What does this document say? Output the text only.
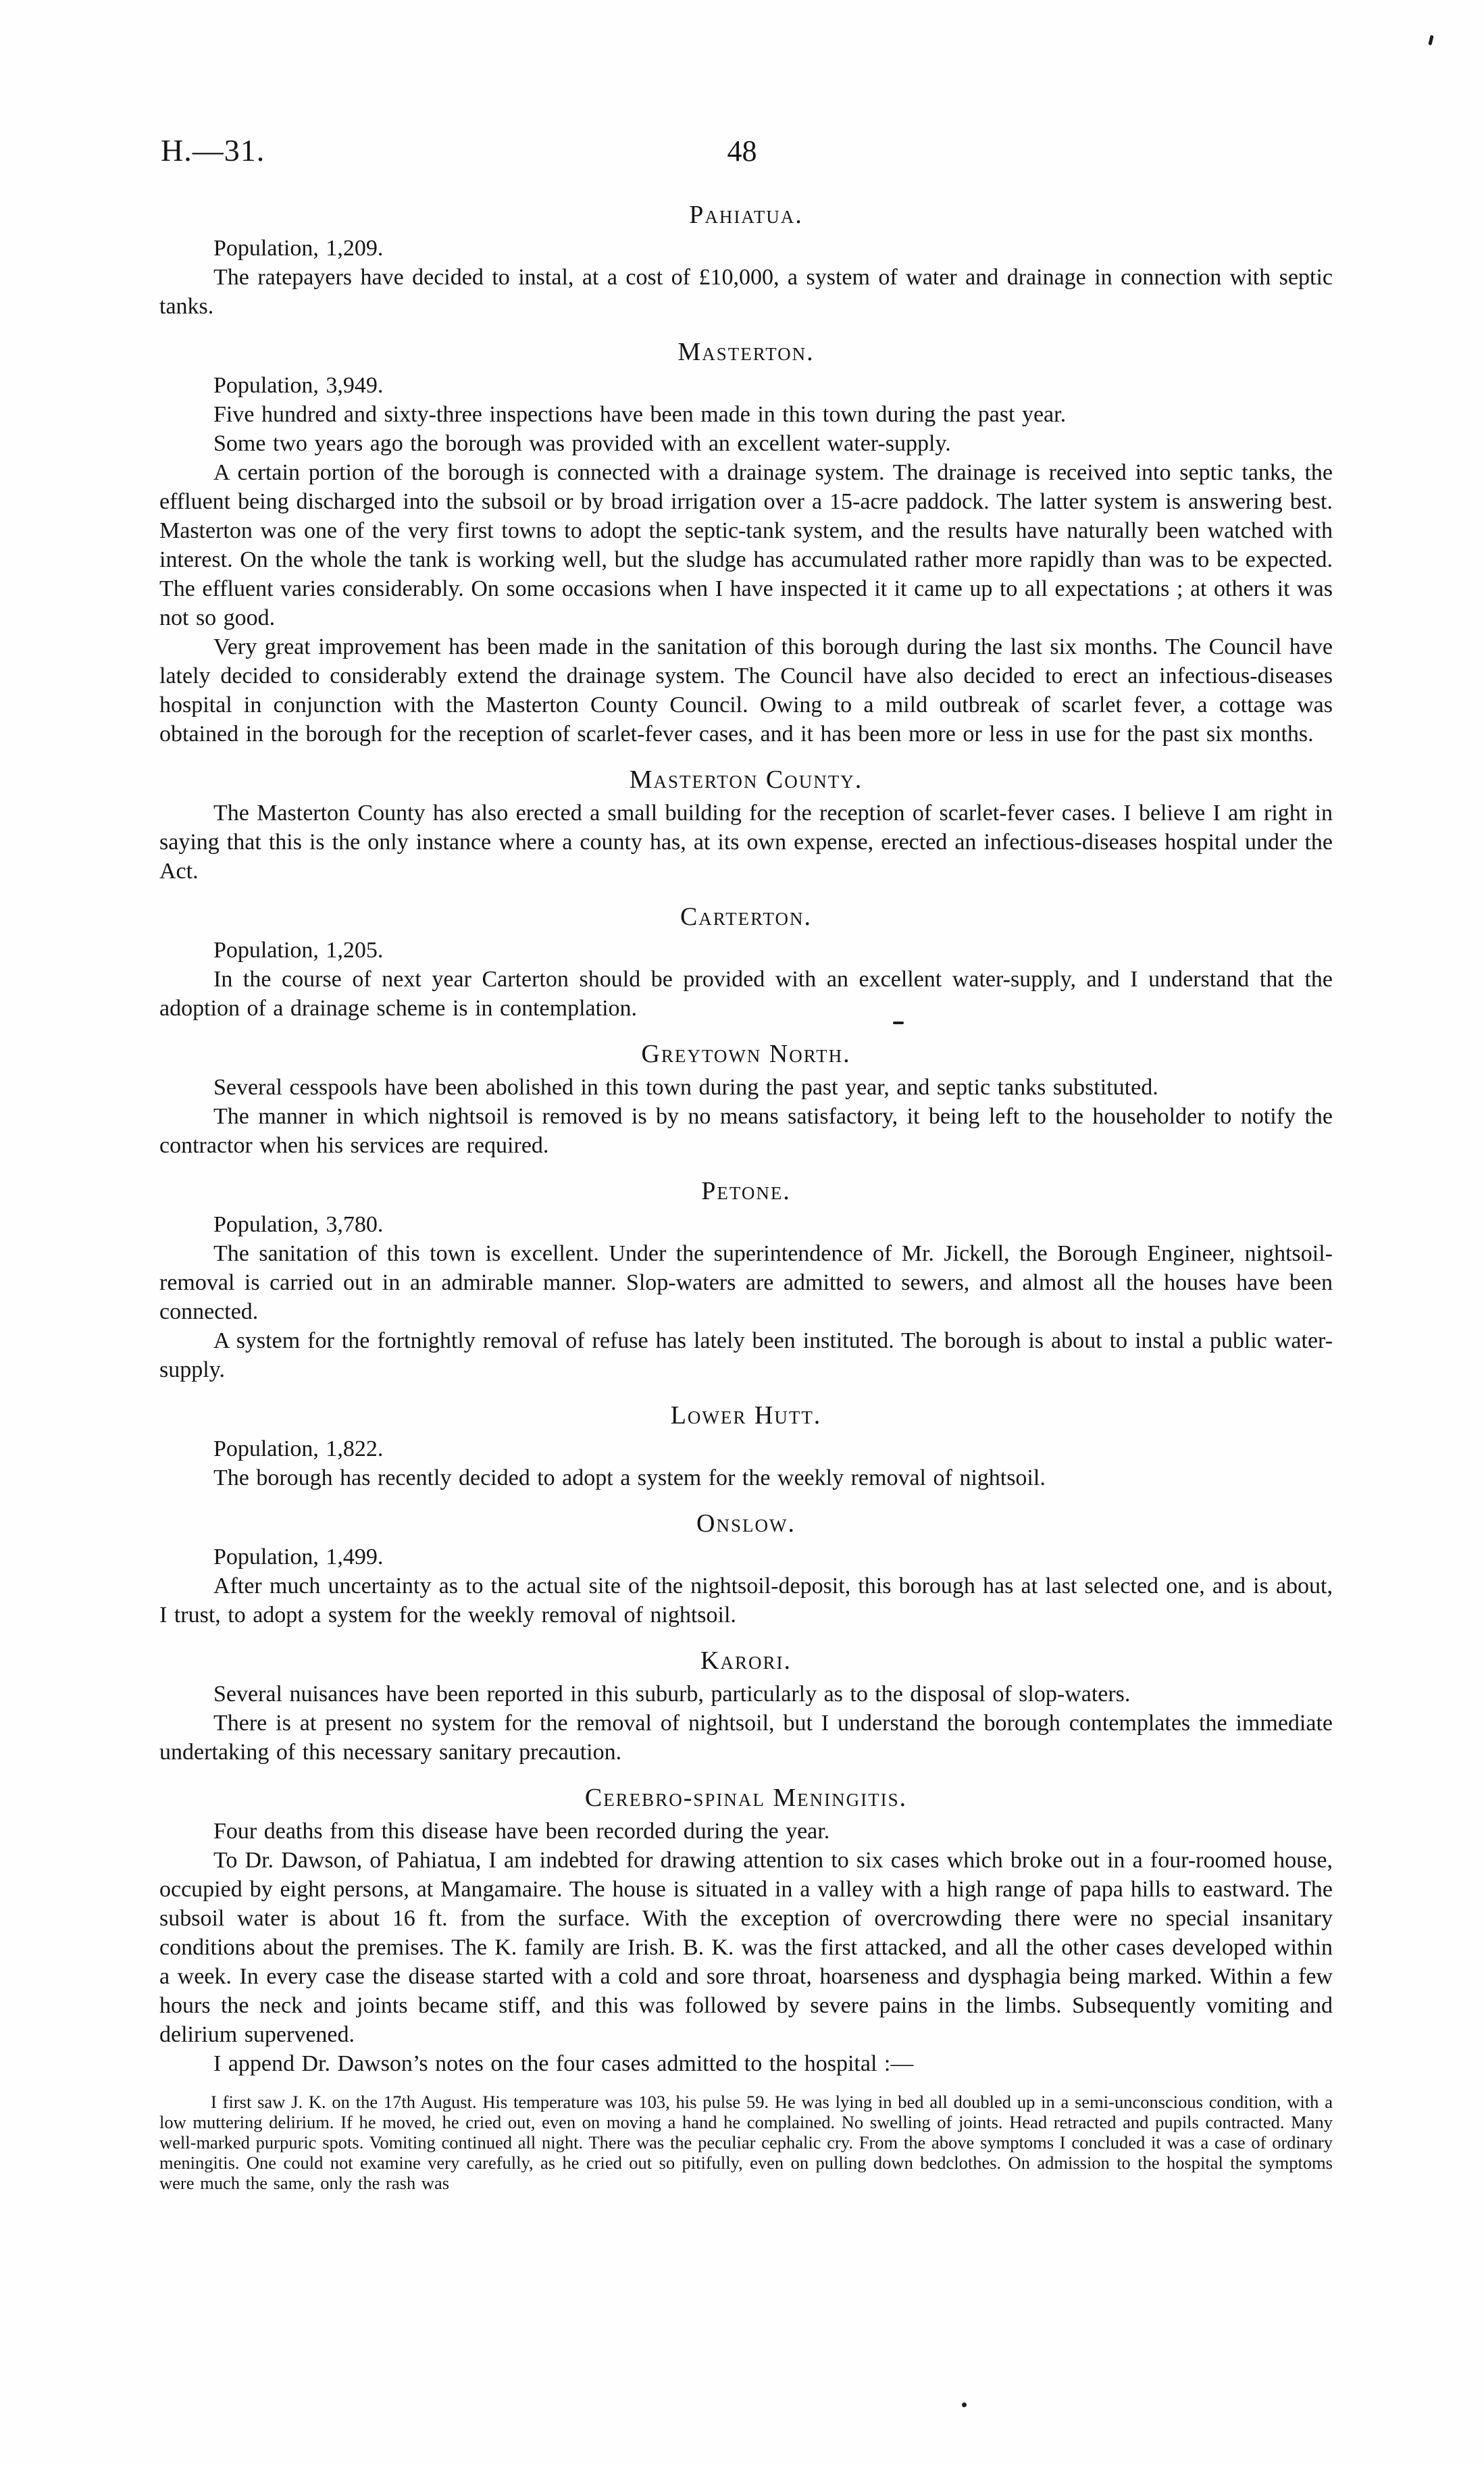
H.—31.	48
Pahiatua.

Population, 1,209.

The ratepayers have decided to instal, at a cost of £10,000, a system of water and drainage in connection with septic tanks.

Masterton.

Population, 3,949.

Five hundred and sixty-three inspections have been made in this town during the past year.

Some two years ago the borough was provided with an excellent water-supply.

A certain portion of the borough is connected with a drainage system. The drainage is received into septic tanks, the effluent being discharged into the subsoil or by broad irrigation over a 15-acre paddock. The latter system is answering best. Masterton was one of the very first towns to adopt the septic-tank system, and the results have naturally been watched with interest. On the whole the tank is working well, but the sludge has accumulated rather more rapidly than was to be expected. The effluent varies considerably. On some occasions when I have inspected it it came up to all expectations ; at others it was not so good.

Very great improvement has been made in the sanitation of this borough during the last six months. The Council have lately decided to considerably extend the drainage system. The Council have also decided to erect an infectious-diseases hospital in conjunction with the Masterton County Council. Owing to a mild outbreak of scarlet fever, a cottage was obtained in the borough for the reception of scarlet-fever cases, and it has been more or less in use for the past six months.

Masterton County.

The Masterton County has also erected a small building for the reception of scarlet-fever cases. I believe I am right in saying that this is the only instance where a county has, at its own expense, erected an infectious-diseases hospital under the Act.

Carterton.

Population, 1,205.

In the course of next year Carterton should be provided with an excellent water-supply, and I understand that the adoption of a drainage scheme is in contemplation.

Greytown North.

Several cesspools have been abolished in this town during the past year, and septic tanks substituted.

The manner in which nightsoil is removed is by no means satisfactory, it being left to the householder to notify the contractor when his services are required.

Petone.

Population, 3,780.

The sanitation of this town is excellent. Under the superintendence of Mr. Jickell, the Borough Engineer, nightsoil-removal is carried out in an admirable manner. Slop-waters are admitted to sewers, and almost all the houses have been connected.

A system for the fortnightly removal of refuse has lately been instituted. The borough is about to instal a public water-supply.

Lower Hutt.

Population, 1,822.

The borough has recently decided to adopt a system for the weekly removal of nightsoil.

Onslow.

Population, 1,499.

After much uncertainty as to the actual site of the nightsoil-deposit, this borough has at last selected one, and is about, I trust, to adopt a system for the weekly removal of nightsoil.

Karori.

Several nuisances have been reported in this suburb, particularly as to the disposal of slop-waters.

There is at present no system for the removal of nightsoil, but I understand the borough contemplates the immediate undertaking of this necessary sanitary precaution.

Cerebro-spinal Meningitis.

Four deaths from this disease have been recorded during the year.

To Dr. Dawson, of Pahiatua, I am indebted for drawing attention to six cases which broke out in a four-roomed house, occupied by eight persons, at Mangamaire. The house is situated in a valley with a high range of papa hills to eastward. The subsoil water is about 16 ft. from the surface. With the exception of overcrowding there were no special insanitary conditions about the premises. The K. family are Irish. B. K. was the first attacked, and all the other cases developed within a week. In every case the disease started with a cold and sore throat, hoarseness and dysphagia being marked. Within a few hours the neck and joints became stiff, and this was followed by severe pains in the limbs. Subsequently vomiting and delirium supervened.

I append Dr. Dawson’s notes on the four cases admitted to the hospital :—

I first saw J. K. on the 17th August. His temperature was 103, his pulse 59. He was lying in bed all doubled up in a semi-unconscious condition, with a low muttering delirium. If he moved, he cried out, even on moving a hand he complained. No swelling of joints. Head retracted and pupils contracted. Many well-marked purpuric spots. Vomiting continued all night. There was the peculiar cephalic cry. From the above symptoms I concluded it was a case of ordinary meningitis. One could not examine very carefully, as he cried out so pitifully, even on pulling down bedclothes. On admission to the hospital the symptoms were much the same, only the rash was
